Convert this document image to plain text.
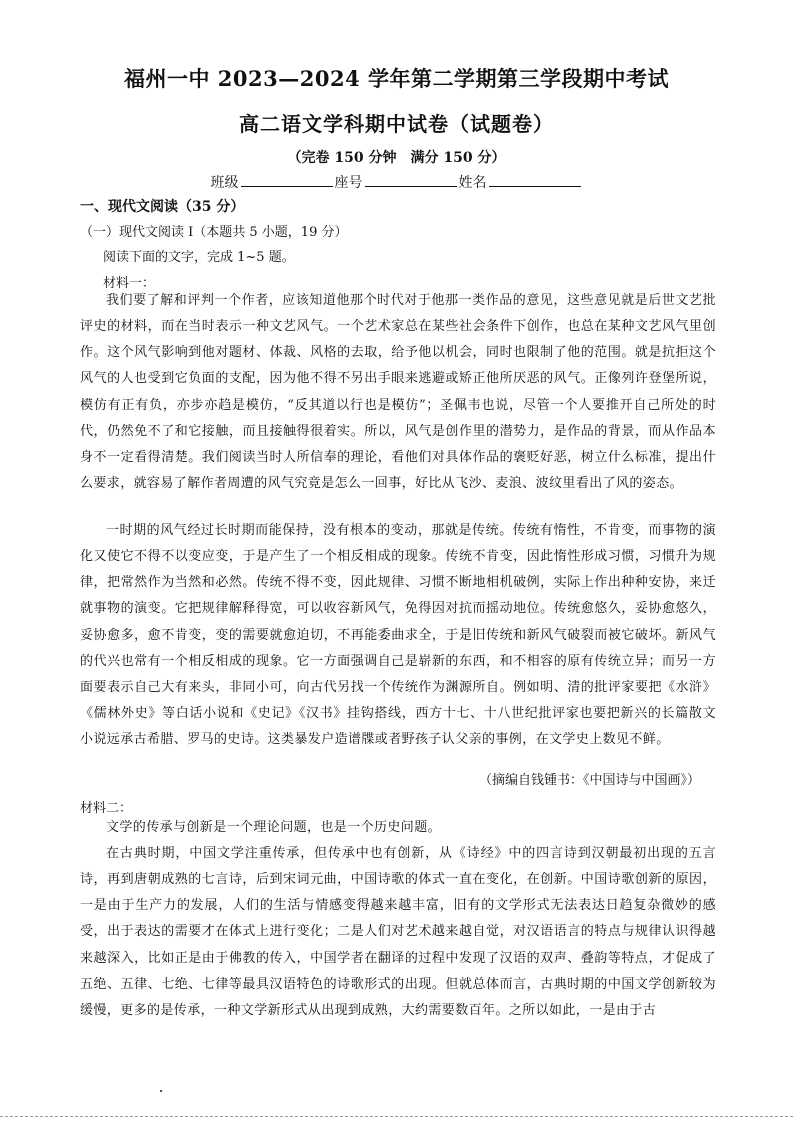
福州一中 2023—2024 学年第二学期第三学段期中考试
高二语文学科期中试卷（试题卷）
（完卷 150 分钟　满分 150 分）
班级	座号	姓名
一、现代文阅读（35 分）
（一）现代文阅读 I（本题共 5 小题，19 分）
阅读下面的文字，完成 1~5 题。
材料一：

我们要了解和评判一个作者，应该知道他那个时代对于他那一类作品的意见，这些意见就是后世文艺批评史的材料，而在当时表示一种文艺风气。一个艺术家总在某些社会条件下创作，也总在某种文艺风气里创作。这个风气影响到他对题材、体裁、风格的去取，给予他以机会，同时也限制了他的范围。就是抗拒这个风气的人也受到它负面的支配，因为他不得不另出手眼来逃避或矫正他所厌恶的风气。正像列许登堡所说，模仿有正有负，亦步亦趋是模仿，“反其道以行也是模仿”；圣佩韦也说，尽管一个人要推开自己所处的时代，仍然免不了和它接触，而且接触得很着实。所以，风气是创作里的潜势力，是作品的背景，而从作品本身不一定看得清楚。我们阅读当时人所信奉的理论，看他们对具体作品的褒贬好恶，树立什么标准，提出什么要求，就容易了解作者周遭的风气究竟是怎么一回事，好比从飞沙、麦浪、波纹里看出了风的姿态。

一时期的风气经过长时期而能保持，没有根本的变动，那就是传统。传统有惰性，不肯变，而事物的演化又使它不得不以变应变，于是产生了一个相反相成的现象。传统不肯变，因此惰性形成习惯，习惯升为规律，把常然作为当然和必然。传统不得不变，因此规律、习惯不断地相机破例，实际上作出种种安协，来迁就事物的演变。它把规律解释得宽，可以收容新风气，免得因对抗而摇动地位。传统愈悠久，妥协愈悠久，妥协愈多，愈不肯变，变的需要就愈迫切，不再能委曲求全，于是旧传统和新风气破裂而被它破坏。新风气的代兴也常有一个相反相成的现象。它一方面强调自己是崭新的东西，和不相容的原有传统立异；而另一方面要表示自己大有来头，非同小可，向古代另找一个传统作为渊源所自。例如明、清的批评家要把《水浒》《儒林外史》等白话小说和《史记》《汉书》挂钩搭线，西方十七、十八世纪批评家也要把新兴的长篇散文小说远承古希腊、罗马的史诗。这类暴发户造谱牒或者野孩子认父亲的事例，在文学史上数见不鲜。

（摘编自钱锺书：《中国诗与中国画》）
材料二：

文学的传承与创新是一个理论问题，也是一个历史问题。

在古典时期，中国文学注重传承，但传承中也有创新，从《诗经》中的四言诗到汉朝最初出现的五言诗，再到唐朝成熟的七言诗，后到宋词元曲，中国诗歌的体式一直在变化，在创新。中国诗歌创新的原因，一是由于生产力的发展，人们的生活与情感变得越来越丰富，旧有的文学形式无法表达日趋复杂微妙的感受，出于表达的需要才在体式上进行变化；二是人们对艺术越来越自觉，对汉语语言的特点与规律认识得越来越深入，比如正是由于佛教的传入，中国学者在翻译的过程中发现了汉语的双声、叠韵等特点，才促成了五绝、五律、七绝、七律等最具汉语特色的诗歌形式的出现。但就总体而言，古典时期的中国文学创新较为缓慢，更多的是传承，一种文学新形式从出现到成熟，大约需要数百年。之所以如此，一是由于古
